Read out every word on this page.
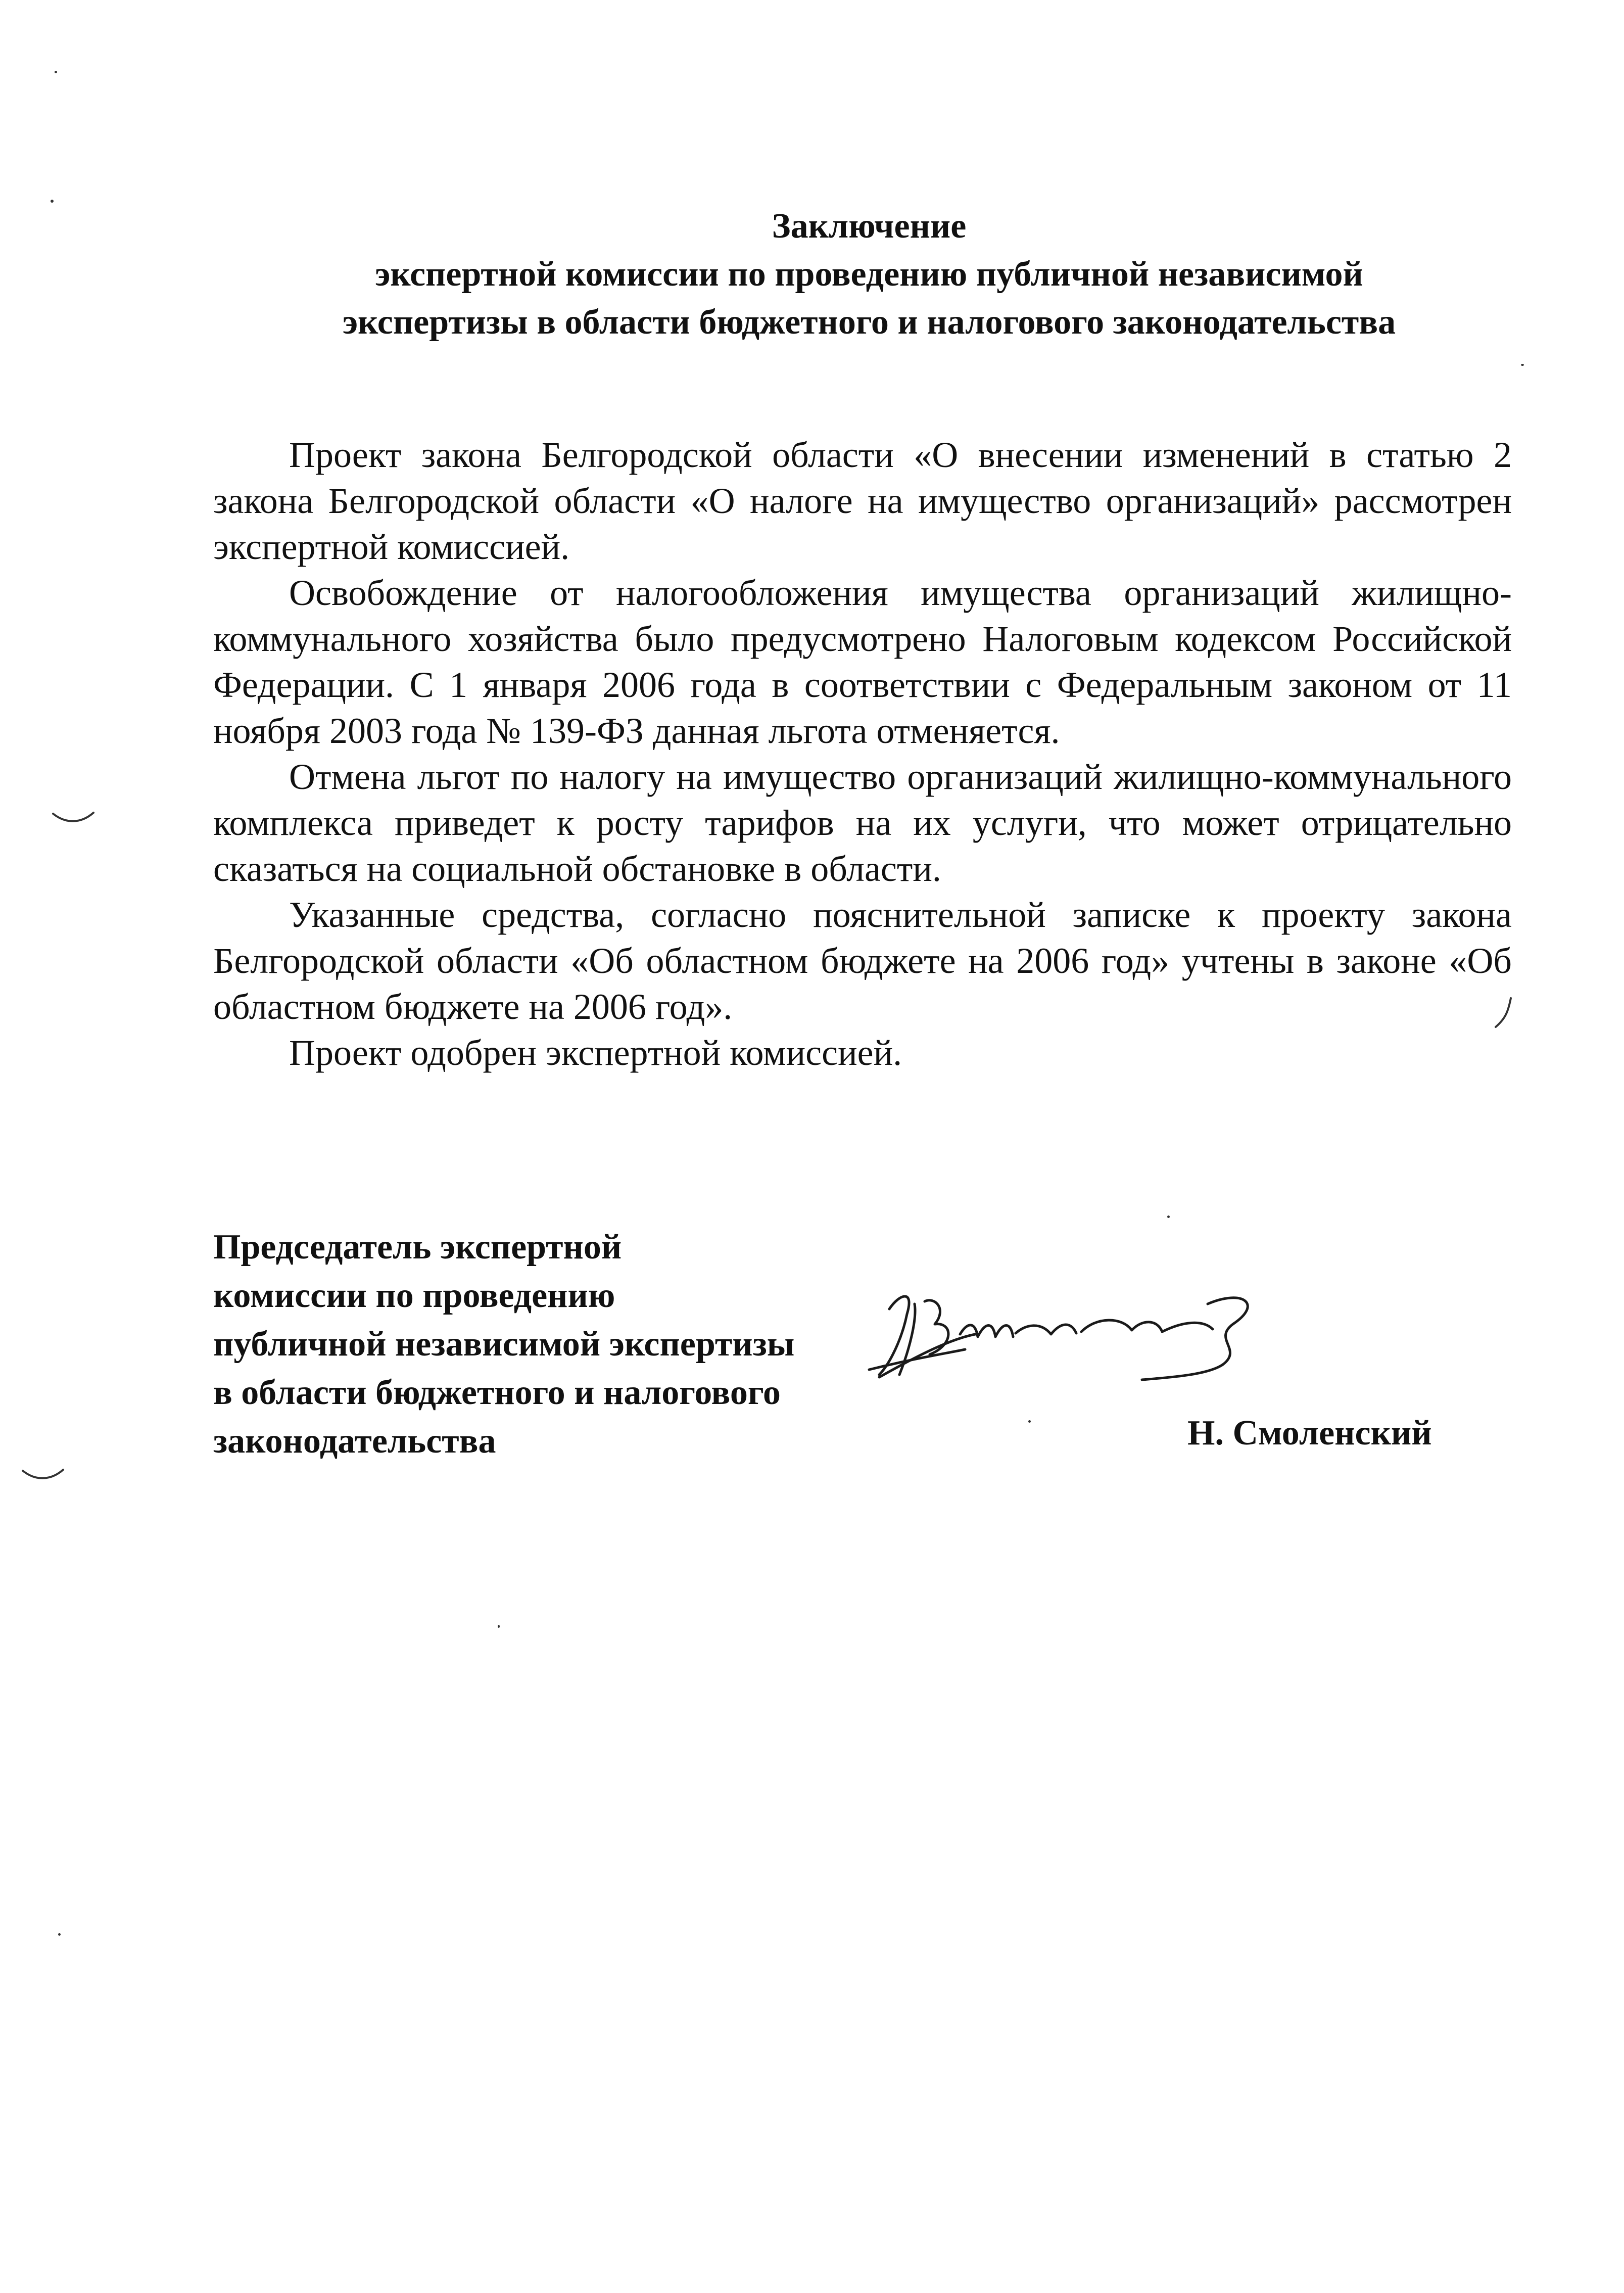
Заключение
экспертной комиссии по проведению публичной независимой
экспертизы в области бюджетного и налогового законодательства

Проект закона Белгородской области «О внесении изменений в статью 2 закона Белгородской области «О налоге на имущество организаций» рассмотрен экспертной комиссией.

Освобождение от налогообложения имущества организаций жилищно-коммунального хозяйства было предусмотрено Налоговым кодексом Российской Федерации. С 1 января 2006 года в соответствии с Федеральным законом от 11 ноября 2003 года № 139-ФЗ данная льгота отменяется.

Отмена льгот по налогу на имущество организаций жилищно-коммунального комплекса приведет к росту тарифов на их услуги, что может отрицательно сказаться на социальной обстановке в области.

Указанные средства, согласно пояснительной записке к проекту закона Белгородской области «Об областном бюджете на 2006 год» учтены в законе «Об областном бюджете на 2006 год».

Проект одобрен экспертной комиссией.

Председатель экспертной
комиссии по проведению
публичной независимой экспертизы
в области бюджетного и налогового
законодательства	Н. Смоленский
